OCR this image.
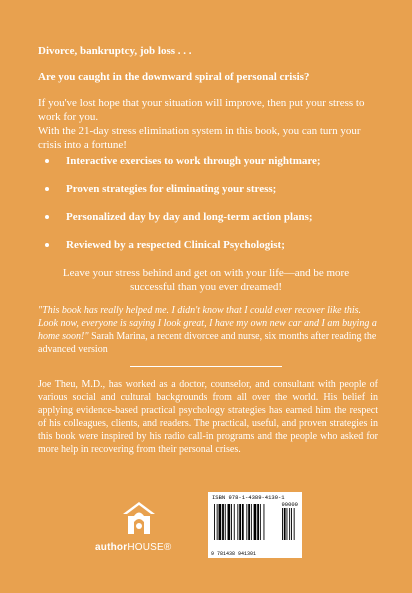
Divorce, bankruptcy, job loss . . .
Are you caught in the downward spiral of personal crisis?
If you've lost hope that your situation will improve, then put your stress to work for you.
With the 21-day stress elimination system in this book, you can turn your crisis into a fortune!
Interactive exercises to work through your nightmare;
Proven strategies for eliminating your stress;
Personalized day by day and long-term action plans;
Reviewed by a respected Clinical Psychologist;
Leave your stress behind and get on with your life—and be more successful than you ever dreamed!
"This book has really helped me. I didn't know that I could ever recover like this. Look now, everyone is saying I look great, I have my own new car and I am buying a home soon!" Sarah Marina, a recent divorcee and nurse, six months after reading the advanced version
Joe Theu, M.D., has worked as a doctor, counselor, and consultant with people of various social and cultural backgrounds from all over the world. His belief in applying evidence-based practical psychology strategies has earned him the respect of his colleagues, clients, and readers. The practical, useful, and proven strategies in this book were inspired by his radio call-in programs and the people who asked for more help in recovering from their personal crises.
authorHOUSE®
ISBN 978-1-4389-4130-1
90000
9 781438 941301
